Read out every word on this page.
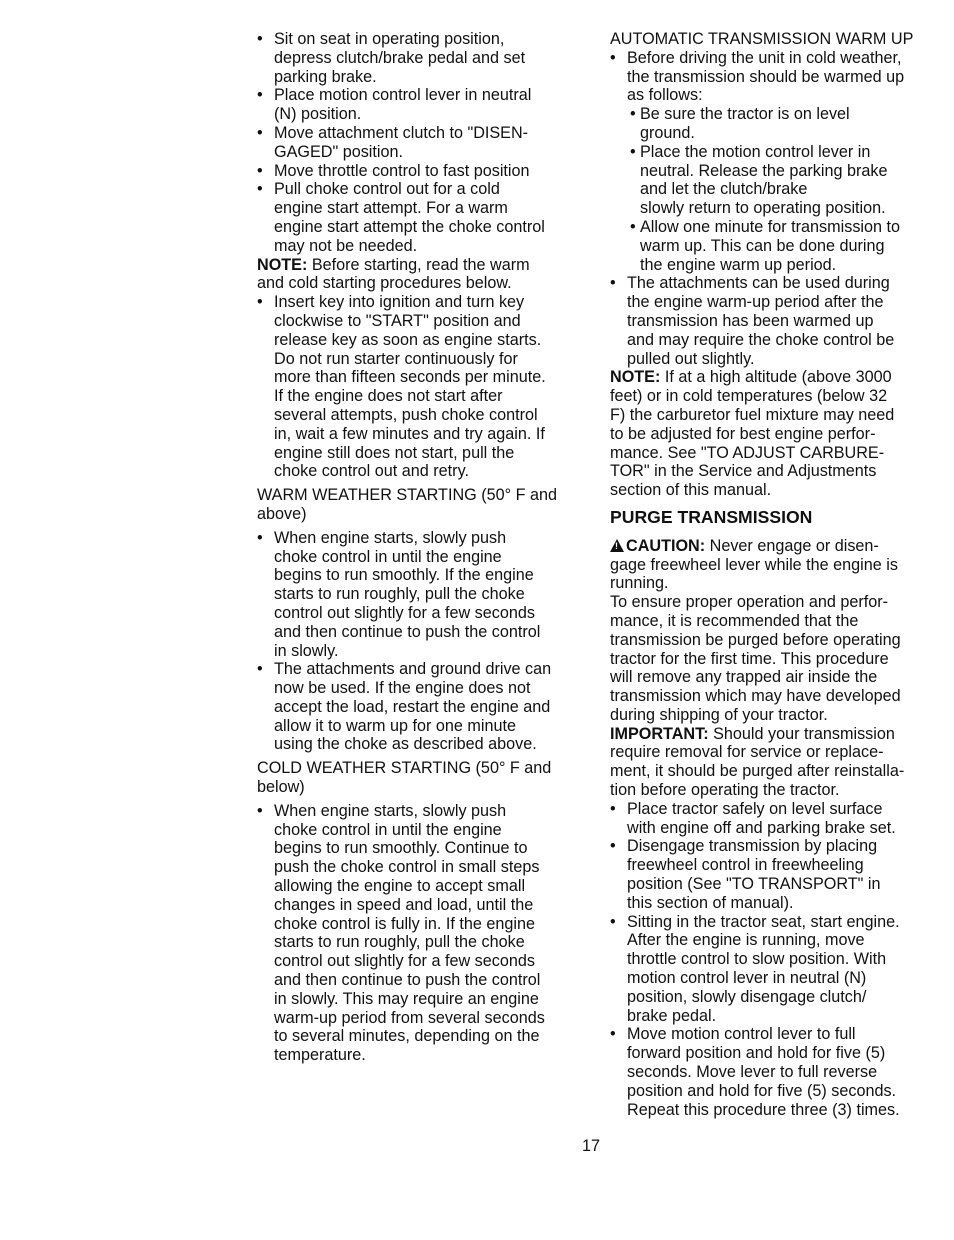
• Sit on seat in operating position,
depress clutch/brake pedal and set
parking brake.
• Place motion control lever in neutral
(N) position.
• Move attachment clutch to "DISEN-
GAGED" position.
• Move throttle control to fast position
• Pull choke control out for a cold
engine start attempt. For a warm
engine start attempt the choke control
may not be needed.
NOTE: Before starting, read the warm
and cold starting procedures below.
• Insert key into ignition and turn key
clockwise to "START" position and
release key as soon as engine starts.
Do not run starter continuously for
more than fifteen seconds per minute.
If the engine does not start after
several attempts, push choke control
in, wait a few minutes and try again. If
engine still does not start, pull the
choke control out and retry.
WARM WEATHER STARTING (50° F and
above)
• When engine starts, slowly push
choke control in until the engine
begins to run smoothly. If the engine
starts to run roughly, pull the choke
control out slightly for a few seconds
and then continue to push the control
in slowly.
• The attachments and ground drive can
now be used. If the engine does not
accept the load, restart the engine and
allow it to warm up for one minute
using the choke as described above.
COLD WEATHER STARTING (50° F and
below)
• When engine starts, slowly push
choke control in until the engine
begins to run smoothly. Continue to
push the choke control in small steps
allowing the engine to accept small
changes in speed and load, until the
choke control is fully in. If the engine
starts to run roughly, pull the choke
control out slightly for a few seconds
and then continue to push the control
in slowly. This may require an engine
warm-up period from several seconds
to several minutes, depending on the
temperature.
AUTOMATIC TRANSMISSION WARM UP
• Before driving the unit in cold weather,
the transmission should be warmed up
as follows:
• Be sure the tractor is on level
ground.
• Place the motion control lever in
neutral. Release the parking brake
and let the clutch/brake
slowly return to operating position.
• Allow one minute for transmission to
warm up. This can be done during
the engine warm up period.
• The attachments can be used during
the engine warm-up period after the
transmission has been warmed up
and may require the choke control be
pulled out slightly.
NOTE: If at a high altitude (above 3000
feet) or in cold temperatures (below 32
F) the carburetor fuel mixture may need
to be adjusted for best engine perfor-
mance. See "TO ADJUST CARBURE-
TOR" in the Service and Adjustments
section of this manual.
PURGE TRANSMISSION
!CAUTION: Never engage or disen-
gage freewheel lever while the engine is
running.
To ensure proper operation and perfor-
mance, it is recommended that the
transmission be purged before operating
tractor for the first time. This procedure
will remove any trapped air inside the
transmission which may have developed
during shipping of your tractor.
IMPORTANT: Should your transmission
require removal for service or replace-
ment, it should be purged after reinstalla-
tion before operating the tractor.
• Place tractor safely on level surface
with engine off and parking brake set.
• Disengage transmission by placing
freewheel control in freewheeling
position (See "TO TRANSPORT" in
this section of manual).
• Sitting in the tractor seat, start engine.
After the engine is running, move
throttle control to slow position. With
motion control lever in neutral (N)
position, slowly disengage clutch/
brake pedal.
• Move motion control lever to full
forward position and hold for five (5)
seconds. Move lever to full reverse
position and hold for five (5) seconds.
Repeat this procedure three (3) times.
17
